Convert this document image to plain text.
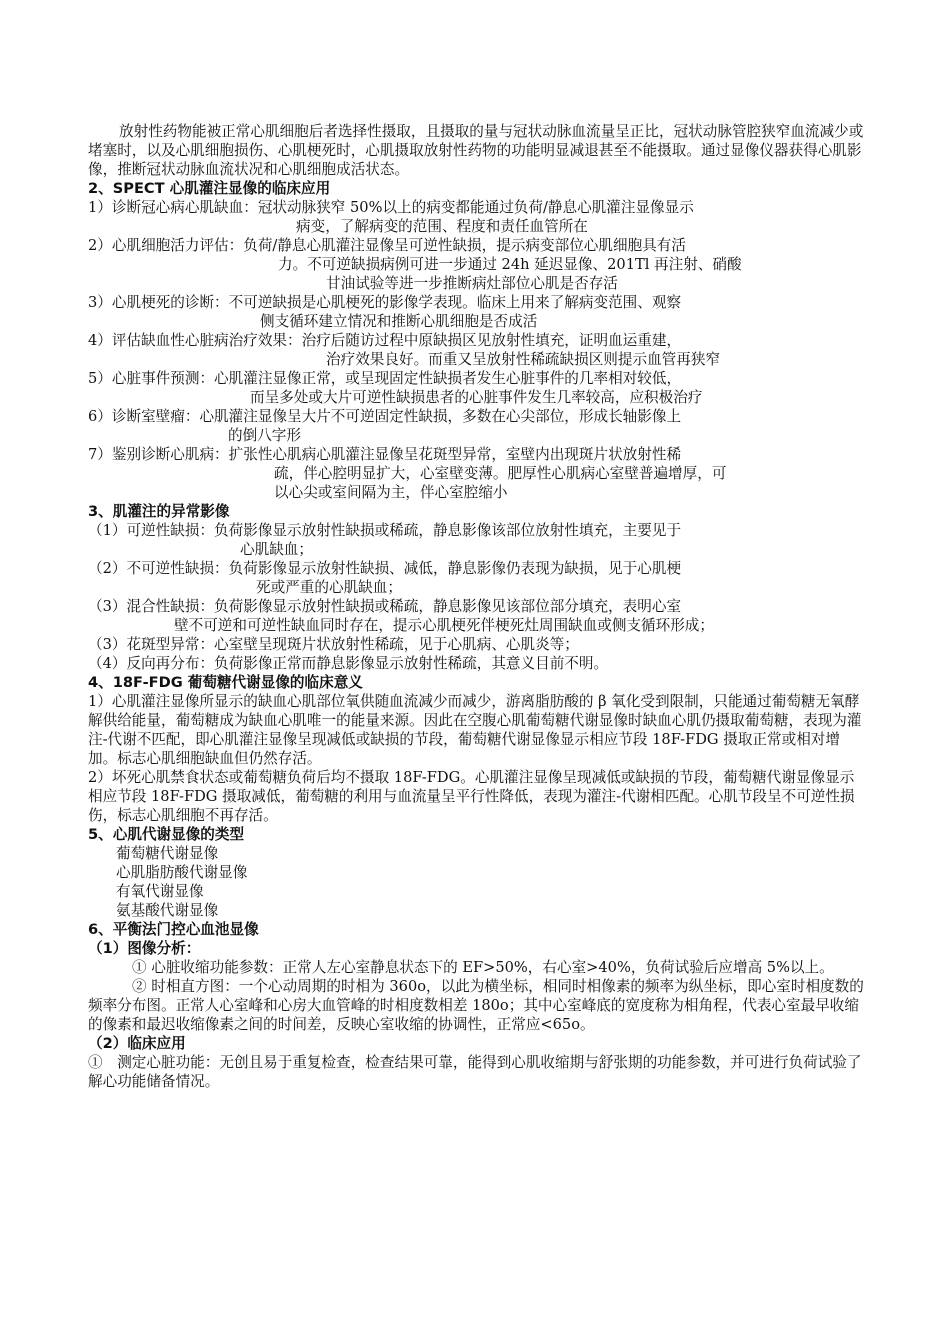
放射性药物能被正常心肌细胞后者选择性摄取，且摄取的量与冠状动脉血流量呈正比，冠状动脉管腔狭窄血流减少或堵塞时，以及心肌细胞损伤、心肌梗死时，心肌摄取放射性药物的功能明显减退甚至不能摄取。通过显像仪器获得心肌影像，推断冠状动脉血流状况和心肌细胞成活状态。

2、SPECT 心肌灌注显像的临床应用

1）诊断冠心病心肌缺血：冠状动脉狭窄 50%以上的病变都能通过负荷/静息心肌灌注显像显示

病变，了解病变的范围、程度和责任血管所在

2）心肌细胞活力评估：负荷/静息心肌灌注显像呈可逆性缺损，提示病变部位心肌细胞具有活

力。不可逆缺损病例可进一步通过 24h 延迟显像、201Tl 再注射、硝酸

甘油试验等进一步推断病灶部位心肌是否存活

3）心肌梗死的诊断：不可逆缺损是心肌梗死的影像学表现。临床上用来了解病变范围、观察

侧支循环建立情况和推断心肌细胞是否成活

4）评估缺血性心脏病治疗效果：治疗后随访过程中原缺损区见放射性填充，证明血运重建，

治疗效果良好。而重又呈放射性稀疏缺损区则提示血管再狭窄

5）心脏事件预测：心肌灌注显像正常，或呈现固定性缺损者发生心脏事件的几率相对较低，

而呈多处或大片可逆性缺损患者的心脏事件发生几率较高，应积极治疗

6）诊断室壁瘤：心肌灌注显像呈大片不可逆固定性缺损，多数在心尖部位，形成长轴影像上

的倒八字形

7）鉴别诊断心肌病：扩张性心肌病心肌灌注显像呈花斑型异常，室壁内出现斑片状放射性稀

疏，伴心腔明显扩大，心室壁变薄。肥厚性心肌病心室壁普遍增厚，可

以心尖或室间隔为主，伴心室腔缩小

3、肌灌注的异常影像

（1）可逆性缺损：负荷影像显示放射性缺损或稀疏，静息影像该部位放射性填充，主要见于

心肌缺血；

（2）不可逆性缺损：负荷影像显示放射性缺损、减低，静息影像仍表现为缺损，见于心肌梗

死或严重的心肌缺血；

（3）混合性缺损：负荷影像显示放射性缺损或稀疏，静息影像见该部位部分填充，表明心室

壁不可逆和可逆性缺血同时存在，提示心肌梗死伴梗死灶周围缺血或侧支循环形成；

（3）花斑型异常：心室壁呈现斑片状放射性稀疏，见于心肌病、心肌炎等；

（4）反向再分布：负荷影像正常而静息影像显示放射性稀疏，其意义目前不明。

4、18F-FDG 葡萄糖代谢显像的临床意义

1）心肌灌注显像所显示的缺血心肌部位氧供随血流减少而减少，游离脂肪酸的 β 氧化受到限制，只能通过葡萄糖无氧酵解供给能量，葡萄糖成为缺血心肌唯一的能量来源。因此在空腹心肌葡萄糖代谢显像时缺血心肌仍摄取葡萄糖，表现为灌注-代谢不匹配，即心肌灌注显像呈现减低或缺损的节段，葡萄糖代谢显像显示相应节段 18F-FDG 摄取正常或相对增加。标志心肌细胞缺血但仍然存活。

2）坏死心肌禁食状态或葡萄糖负荷后均不摄取 18F-FDG。心肌灌注显像呈现减低或缺损的节段，葡萄糖代谢显像显示相应节段 18F-FDG 摄取减低，葡萄糖的利用与血流量呈平行性降低，表现为灌注-代谢相匹配。心肌节段呈不可逆性损伤，标志心肌细胞不再存活。

5、心肌代谢显像的类型

葡萄糖代谢显像

心肌脂肪酸代谢显像

有氧代谢显像

氨基酸代谢显像

6、平衡法门控心血池显像

（1）图像分析：

① 心脏收缩功能参数：正常人左心室静息状态下的 EF>50%，右心室>40%，负荷试验后应增高 5%以上。

② 时相直方图：一个心动周期的时相为 360o，以此为横坐标，相同时相像素的频率为纵坐标，即心室时相度数的频率分布图。正常人心室峰和心房大血管峰的时相度数相差 180o；其中心室峰底的宽度称为相角程，代表心室最早收缩的像素和最迟收缩像素之间的时间差，反映心室收缩的协调性，正常应<65o。

（2）临床应用

①　测定心脏功能：无创且易于重复检查，检查结果可靠，能得到心肌收缩期与舒张期的功能参数，并可进行负荷试验了解心功能储备情况。
